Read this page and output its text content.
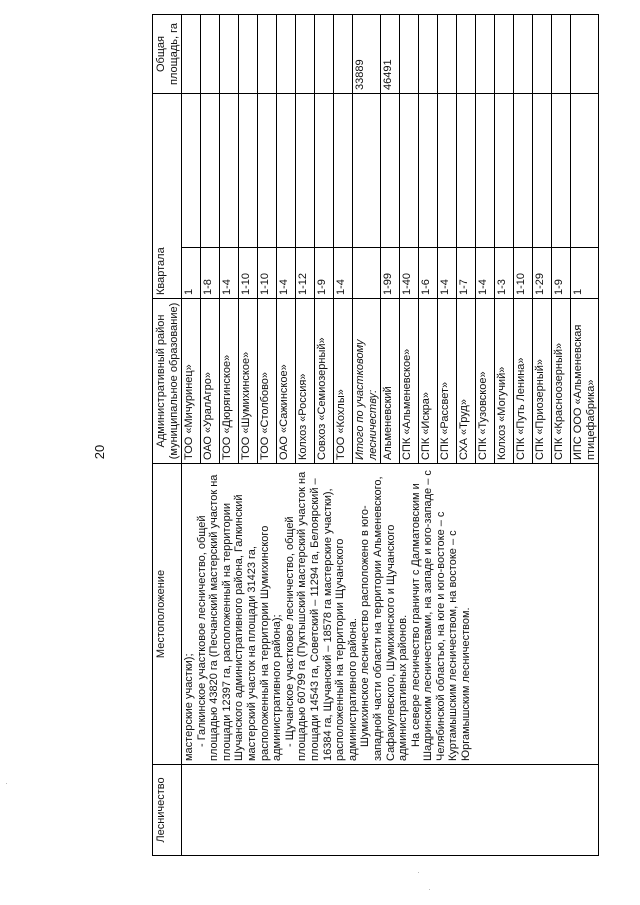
20
Лесничество	Местоположение	Административный район (муниципальное образование)	Квартала		Общая площадь, га

	мастерские участки); - Галкинское участковое лесничество, общей площадью 43820 га (Песчанский мастерский участок на площади 12397 га, расположенный на территории Шучанского административного района, Галкинский мастерский участок на площади 31423 га, расположенный на территории Шумихинского административного района); - Щучанское участковое лесничество, общей площадью 60799 га (Пуктышский мастерский участок на площади 14543 га, Советский – 11294 га, Белоярский – 16384 га, Щучанский – 18578 га мастерские участки), расположенный на территории Щучанского административного района. Шумихинское лесничество расположено в юго-западной части области на территории Альменевского, Сафакулевского, Шумихинского и Щучанского административных районов. На севере лесничество граничит с Далматовским и Шадринским лесничествами, на западе и юго-западе – с Челябинской областью, на юге и юго-востоке – с Куртамышским лесничеством, на востоке – с Юргамышским лесничеством.	ТОО «Мичуринец»	1		
		ОАО «УралАгро»	1-8		
		ТОО «Дюрягинское»	1-4		
		ТОО «Шумихинское»	1-10		
		ТОО «Столбово»	1-10		
		ОАО «Сажинское»	1-4		
		Колхоз «Россия»	1-12		
		Совхоз «Семиозерный»	1-9		
		ТОО «Кохлы»	1-4		
		Итого по участковому лесничеству:			33889
		Альменевский	1-99		46491
		СПК «Альменевское»	1-40		
		СПК «Искра»	1-6		
		СПК «Рассвет»	1-4		
		СХА «Труд»	1-7		
		СПК «Тузовское»	1-4		
		Колхоз «Могучий»	1-3		
		СПК «Путь Ленина»	1-10		
		СПК «Приозерный»	1-29		
		СПК «Красноозерный»	1-9		
		ИПС ООО «Альменевская птицефабрика»	1		
